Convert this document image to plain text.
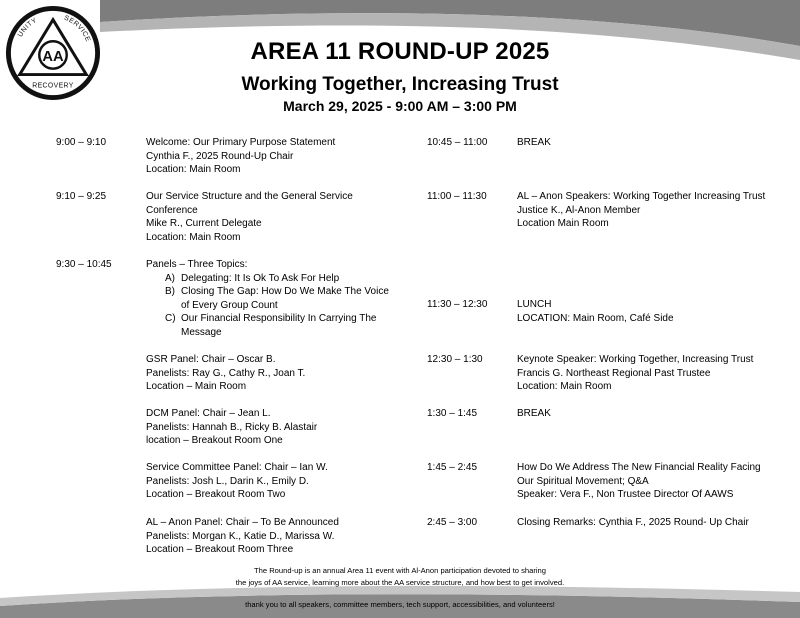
AA
UNITY	SERVICE
RECOVERY
AREA 11 ROUND-UP 2025
Working Together, Increasing Trust
March 29, 2025 - 9:00 AM – 3:00 PM
9:00 – 9:10	Welcome: Our Primary Purpose Statement
Cynthia F., 2025 Round-Up Chair
Location: Main Room
9:10 – 9:25	Our Service Structure and the General Service
Conference
Mike R., Current Delegate
Location: Main Room
9:30 – 10:45	Panels – Three Topics:
A) Delegating: It Is Ok To Ask For Help
B) Closing The Gap: How Do We Make The Voice of Every Group Count
C) Our Financial Responsibility In Carrying The Message
GSR Panel: Chair – Oscar B.
Panelists: Ray G., Cathy R., Joan T.
Location – Main Room
DCM Panel: Chair – Jean L.
Panelists: Hannah B., Ricky B. Alastair
location – Breakout Room One
Service Committee Panel: Chair – Ian W.
Panelists: Josh L., Darin K., Emily D.
Location – Breakout Room Two
AL – Anon Panel: Chair – To Be Announced
Panelists: Morgan K., Katie D., Marissa W.
Location – Breakout Room Three
10:45 – 11:00	BREAK
11:00 – 11:30	AL – Anon Speakers: Working Together Increasing Trust
Justice K., Al-Anon Member
Location Main Room
11:30 – 12:30	LUNCH
LOCATION: Main Room, Café Side
12:30 – 1:30	Keynote Speaker: Working Together, Increasing Trust
Francis G. Northeast Regional Past Trustee
Location: Main Room
1:30 – 1:45	BREAK
1:45 – 2:45	How Do We Address The New Financial Reality Facing
Our Spiritual Movement; Q&A
Speaker: Vera F., Non Trustee Director Of AAWS
2:45 – 3:00	Closing Remarks: Cynthia F., 2025 Round- Up Chair
The Round-up is an annual Area 11 event with Al-Anon participation devoted to sharing
the joys of AA service, learning more about the AA service structure, and how best to get involved.
thank you to all speakers, committee members, tech support, accessibilities, and volunteers!
